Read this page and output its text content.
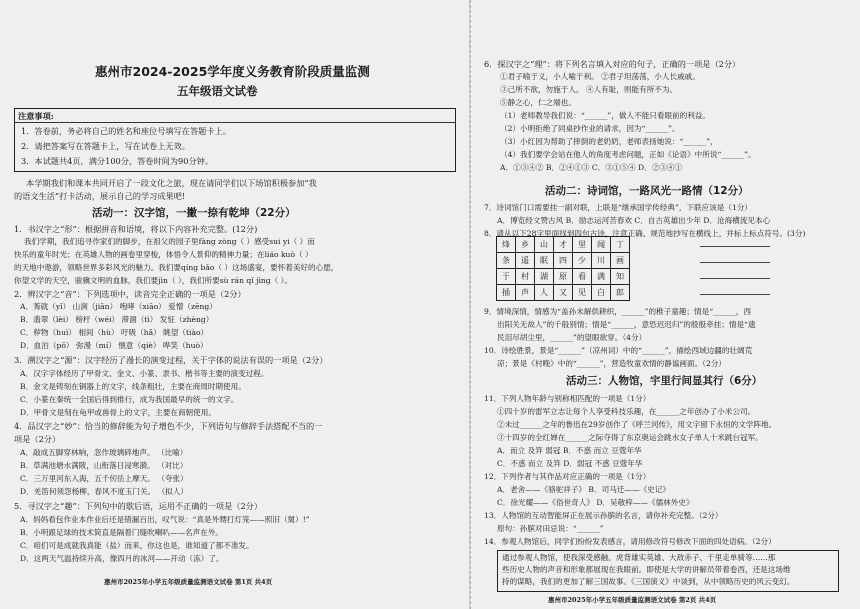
惠州市2024-2025学年度义务教育阶段质量监测
五年级语文试卷
注意事项:
1．答卷前，务必将自己的姓名和座位号填写在答题卡上。
2．请把答案写在答题卡上，写在试卷上无效。
3．本试题共4页，满分100分，答卷时间为90分钟。
本学期我们和课本共同开启了一段文化之旅，现在请同学们以下场馆积极参加“我
的语文生活”打卡活动，展示自己的学习成果吧!
活动一：汉字馆，一撇一捺有乾坤（22分）
1．书汉字之“形”：根据拼音和语境，将以下内容补充完整。(12分)
我们学期，我们追寻作家们的脚步，在祖父的园子里fàng zòng（ ）感受sui yi（ ）而
快乐的童年时光；在英雄人物的画卷里穿梭，体悟令人景仰的精神力量；在liáo kuò（ ）
的天地中遨游，领略世界多彩风光的魅力。我们要qíng bǎo（ ）这场盛宴，要怀着美好的心愿，
你望文学的天空，骏骥文明的血脉，我们要jìn（ ），我们所要sù rán qǐ jìng（ ）。
2．辨汉字之“音”：下列选项中，读音完全正确的一项是（2分）
A．莠就（yǐ） 山涧（jiān） 咆哮（xiāo） 爱憎（zēng）
B．翡翠（lèi） 榜杆（wéi） 滞涸（tì） 发怔（zhèng）
C．秽物（huì） 相间（hù） 吁吸（hǎ） 眺望（tiào）
D．血泊（pō） 弥漫（mí） 惬意（qiè） 哗笑（huò）
3．溯汉字之“源”：汉字经历了漫长的演变过程，关于字体的说法有误的一项是（2分）
A．汉字字体经历了甲骨文、金文、小篆、隶书、楷书等主要的演变过程。
B．金文是铸刻在铜器上的文字，线条粗壮，主要在商周时期使用。
C．小篆在秦统一全国后得到推行，成为我国最早的统一的文字。
D．甲骨文是刻在龟甲或兽骨上的文字，主要在商朝使用。
4．品汉字之“妙”：恰当的修辞能为句子增色不少，下列语句与修辞手法搭配不当的一
项是（2分）
A．敲成五脚穿林响，忽作玻璃碎地声。 （比喻）
B．草满池塘水满陂，山衔落日浸寒漪。 （对比）
C．三万里河东入海，五千仞岳上摩天。 （夸张）
D．羌笛何须怨杨柳，春风不度玉门关。 （拟人）
5．寻汉字之“趣”：下列句中的歇后语，运用不正确的一项是（2分）
A．妈妈看包作业本作业后还是错漏百出，叹气说：“真是外甥打灯笼——照旧（舅）!”
B．小明跟足球的技术简直是隔着门缝吹喇叭——名声在外。
C．咱们可是成就我真能（盐）而来，你这也是，谁知道了都不准发。
D．这两天气温持续升高，像四月的冰河——开动（冻）了。
惠州市2025年小学五年级质量监测语文试卷 第1页 共4页
6．探汉字之“理”：将下列名言填入对应的句子，正确的一项是（2分）
①君子喻于义，小人喻于利。 ②君子坦荡荡，小人长戚戚。
③己所不欲，勿施于人。 ④人有耻，则能有所不为。
⑤静之心，仁之端也。
（1）老师教导我们说：“______”，做人不能只看眼前的利益。
（2）小明拒绝了同桌抄作业的请求，因为“______”。
（3）小红因为帮助了摔倒的老奶奶，老师表扬她说：“______”，
（4）我们要学会站在他人的角度考虑问题，正如《论语》中所说“______”。
A．①③④② B．②④①③ C．③①⑤④ D．②③④①
活动二：诗词馆，一路风光一路情（12分）
7．诗词馆门口需要挂一副对联，上联是“继承国学传经典”，下联应该是（1分）
A．博览经文赞古风 B．励志运河苦春欢 C．自古英雄出少年 D．沧海横流见本心
8．请从以下28字里面找到四句古诗，注意正确、规范地抄写在横线上，并标上标点符号。(3分)
烽	乡	山	才	里	闻	丁
条	遥	眠	四	少	川	画
于	村	湖	原	看	满	知
插	声	人	又	见	白	郎
9．情境深情，情感为“盖孙未解供耕织，______”的稚子童趣；情是“______，西
出阳关无故人”的千般别情；情是“______，意恐迟迟归”的殷殷牵挂；情是“遗
民泪尽胡尘里，______”的望眼欲穿。（4分）
10．诗绘胜景，景是“______”（凉州词）中的“______”，描绘西域边疆的壮阔荒
凉；景是《村晚》中的“______”，营造牧童欢情的静谧画面。（2分）
活动三：人物馆，宇里行间显其行（6分）
11．下列人物年龄与别称相匹配的一项是（1分）
①四十岁的雷军立志让每个人享受科技乐趣，在______之年创办了小米公司。
②未过______之年的鲁迅在29岁创作了《呼兰河传》，用文字留下永恒的文学阵地。
③十四岁的全红婵在______之际夺得了东京奥运会跳水女子单人十米跳台冠军。
A．而立 及笄 弱冠 B．不惑 而立 豆蔻年华
C．不惑 而立 及笄 D．弱冠 不惑 豆蔻年华
12．下列作者与其作品对应正确的一项是（1分）
A．老舍——《骆驼祥子》 B．司马迁——《史记》
C．徐光耀——《俗世奇人》 D．吴敬梓——《儒林外史》
13．人物馆的互动智能屏正在展示孙膑的名言，请你补充完整。（2分）
原句：孙膑对田忌说：“______”
14．参观人物馆后，同学们纷纷发表感言，请用修改符号修改下面的四处语病。（2分）
通过参观人物馆，使我深受感触。虎背雄实英雄、大敌赤子、千里走单骑等……那
些历史人物的声音和形象都展现在我眼前。即使是大学的讲解员带着卷西，还是这场维
持的谋略，我们的更加了解三国故事。《三国演义》中谈到，从中领略历史的风云变幻。
惠州市2025年小学五年级质量监测语文试卷 第2页 共4页
